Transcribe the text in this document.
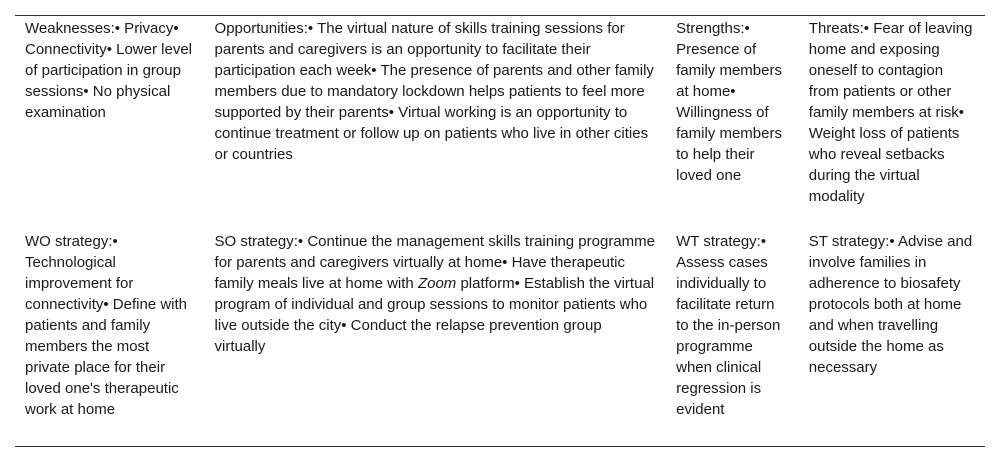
Weaknesses:• Privacy• Connectivity• Lower level of participation in group sessions• No physical examination	Opportunities:• The virtual nature of skills training sessions for parents and caregivers is an opportunity to facilitate their participation each week• The presence of parents and other family members due to mandatory lockdown helps patients to feel more supported by their parents• Virtual working is an opportunity to continue treatment or follow up on patients who live in other cities or countries	Strengths:• Presence of family members at home• Willingness of family members to help their loved one	Threats:• Fear of leaving home and exposing oneself to contagion from patients or other family members at risk• Weight loss of patients who reveal setbacks during the virtual modality
WO strategy:• Technological improvement for connectivity• Define with patients and family members the most private place for their loved one's therapeutic work at home	SO strategy:• Continue the management skills training programme for parents and caregivers virtually at home• Have therapeutic family meals live at home with Zoom platform• Establish the virtual program of individual and group sessions to monitor patients who live outside the city• Conduct the relapse prevention group virtually	WT strategy:• Assess cases individually to facilitate return to the in-person programme when clinical regression is evident	ST strategy:• Advise and involve families in adherence to biosafety protocols both at home and when travelling outside the home as necessary
